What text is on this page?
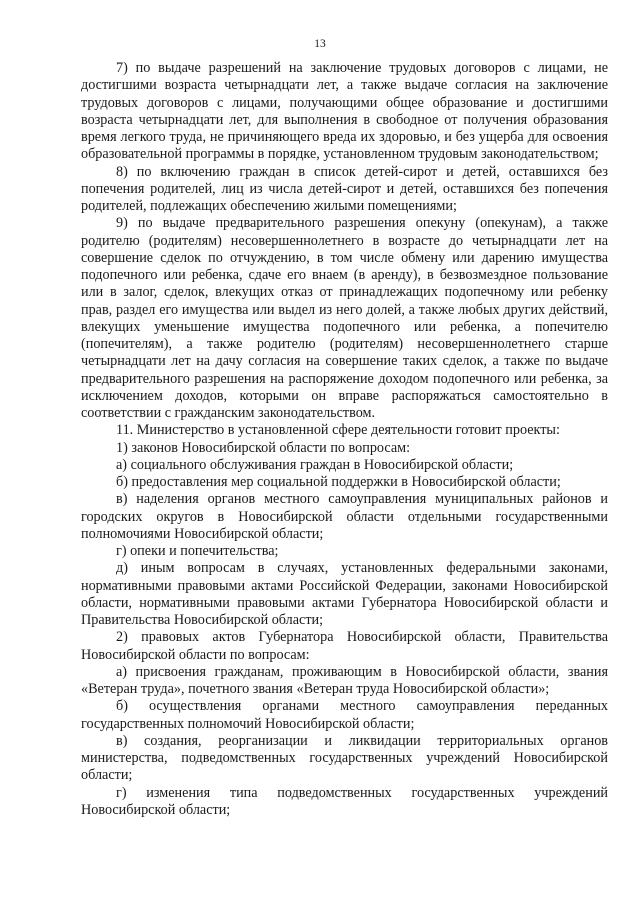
13

7) по выдаче разрешений на заключение трудовых договоров с лицами, не достигшими возраста четырнадцати лет, а также выдаче согласия на заключение трудовых договоров с лицами, получающими общее образование и достигшими возраста четырнадцати лет, для выполнения в свободное от получения образования время легкого труда, не причиняющего вреда их здоровью, и без ущерба для освоения образовательной программы в порядке, установленном трудовым законодательством;

8) по включению граждан в список детей-сирот и детей, оставшихся без попечения родителей, лиц из числа детей-сирот и детей, оставшихся без попечения родителей, подлежащих обеспечению жилыми помещениями;

9) по выдаче предварительного разрешения опекуну (опекунам), а также родителю (родителям) несовершеннолетнего в возрасте до четырнадцати лет на совершение сделок по отчуждению, в том числе обмену или дарению имущества подопечного или ребенка, сдаче его внаем (в аренду), в безвозмездное пользование или в залог, сделок, влекущих отказ от принадлежащих подопечному или ребенку прав, раздел его имущества или выдел из него долей, а также любых других действий, влекущих уменьшение имущества подопечного или ребенка, а попечителю (попечителям), а также родителю (родителям) несовершеннолетнего старше четырнадцати лет на дачу согласия на совершение таких сделок, а также по выдаче предварительного разрешения на распоряжение доходом подопечного или ребенка, за исключением доходов, которыми он вправе распоряжаться самостоятельно в соответствии с гражданским законодательством.

11. Министерство в установленной сфере деятельности готовит проекты:

1) законов Новосибирской области по вопросам:

а) социального обслуживания граждан в Новосибирской области;

б) предоставления мер социальной поддержки в Новосибирской области;

в) наделения органов местного самоуправления муниципальных районов и городских округов в Новосибирской области отдельными государственными полномочиями Новосибирской области;

г) опеки и попечительства;

д) иным вопросам в случаях, установленных федеральными законами, нормативными правовыми актами Российской Федерации, законами Новосибирской области, нормативными правовыми актами Губернатора Новосибирской области и Правительства Новосибирской области;

2) правовых актов Губернатора Новосибирской области, Правительства Новосибирской области по вопросам:

а) присвоения гражданам, проживающим в Новосибирской области, звания «Ветеран труда», почетного звания «Ветеран труда Новосибирской области»;

б) осуществления органами местного самоуправления переданных государственных полномочий Новосибирской области;

в) создания, реорганизации и ликвидации территориальных органов министерства, подведомственных государственных учреждений Новосибирской области;

г) изменения типа подведомственных государственных учреждений Новосибирской области;
